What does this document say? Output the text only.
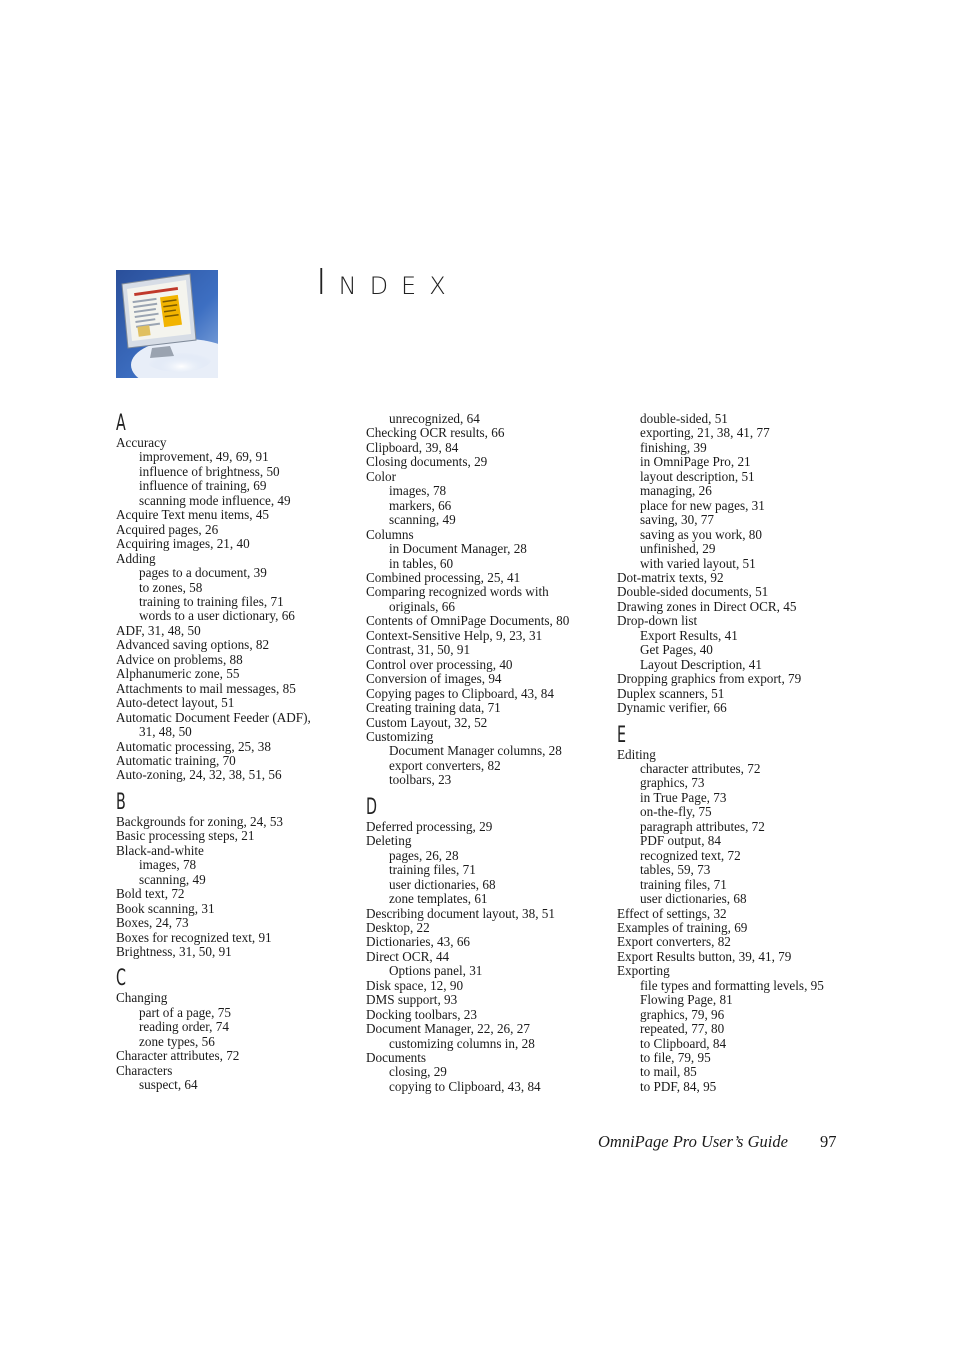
INDEX
A
Accuracy
improvement, 49, 69, 91
influence of brightness, 50
influence of training, 69
scanning mode influence, 49
Acquire Text menu items, 45
Acquired pages, 26
Acquiring images, 21, 40
Adding
pages to a document, 39
to zones, 58
training to training files, 71
words to a user dictionary, 66
ADF, 31, 48, 50
Advanced saving options, 82
Advice on problems, 88
Alphanumeric zone, 55
Attachments to mail messages, 85
Auto-detect layout, 51
Automatic Document Feeder (ADF),
31, 48, 50
Automatic processing, 25, 38
Automatic training, 70
Auto-zoning, 24, 32, 38, 51, 56
B
Backgrounds for zoning, 24, 53
Basic processing steps, 21
Black-and-white
images, 78
scanning, 49
Bold text, 72
Book scanning, 31
Boxes, 24, 73
Boxes for recognized text, 91
Brightness, 31, 50, 91
C
Changing
part of a page, 75
reading order, 74
zone types, 56
Character attributes, 72
Characters
suspect, 64
unrecognized, 64
Checking OCR results, 66
Clipboard, 39, 84
Closing documents, 29
Color
images, 78
markers, 66
scanning, 49
Columns
in Document Manager, 28
in tables, 60
Combined processing, 25, 41
Comparing recognized words with
originals, 66
Contents of OmniPage Documents, 80
Context-Sensitive Help, 9, 23, 31
Contrast, 31, 50, 91
Control over processing, 40
Conversion of images, 94
Copying pages to Clipboard, 43, 84
Creating training data, 71
Custom Layout, 32, 52
Customizing
Document Manager columns, 28
export converters, 82
toolbars, 23
D
Deferred processing, 29
Deleting
pages, 26, 28
training files, 71
user dictionaries, 68
zone templates, 61
Describing document layout, 38, 51
Desktop, 22
Dictionaries, 43, 66
Direct OCR, 44
Options panel, 31
Disk space, 12, 90
DMS support, 93
Docking toolbars, 23
Document Manager, 22, 26, 27
customizing columns in, 28
Documents
closing, 29
copying to Clipboard, 43, 84
double-sided, 51
exporting, 21, 38, 41, 77
finishing, 39
in OmniPage Pro, 21
layout description, 51
managing, 26
place for new pages, 31
saving, 30, 77
saving as you work, 80
unfinished, 29
with varied layout, 51
Dot-matrix texts, 92
Double-sided documents, 51
Drawing zones in Direct OCR, 45
Drop-down list
Export Results, 41
Get Pages, 40
Layout Description, 41
Dropping graphics from export, 79
Duplex scanners, 51
Dynamic verifier, 66
E
Editing
character attributes, 72
graphics, 73
in True Page, 73
on-the-fly, 75
paragraph attributes, 72
PDF output, 84
recognized text, 72
tables, 59, 73
training files, 71
user dictionaries, 68
Effect of settings, 32
Examples of training, 69
Export converters, 82
Export Results button, 39, 41, 79
Exporting
file types and formatting levels, 95
Flowing Page, 81
graphics, 79, 96
repeated, 77, 80
to Clipboard, 84
to file, 79, 95
to mail, 85
to PDF, 84, 95
OmniPage Pro User’s Guide 97
